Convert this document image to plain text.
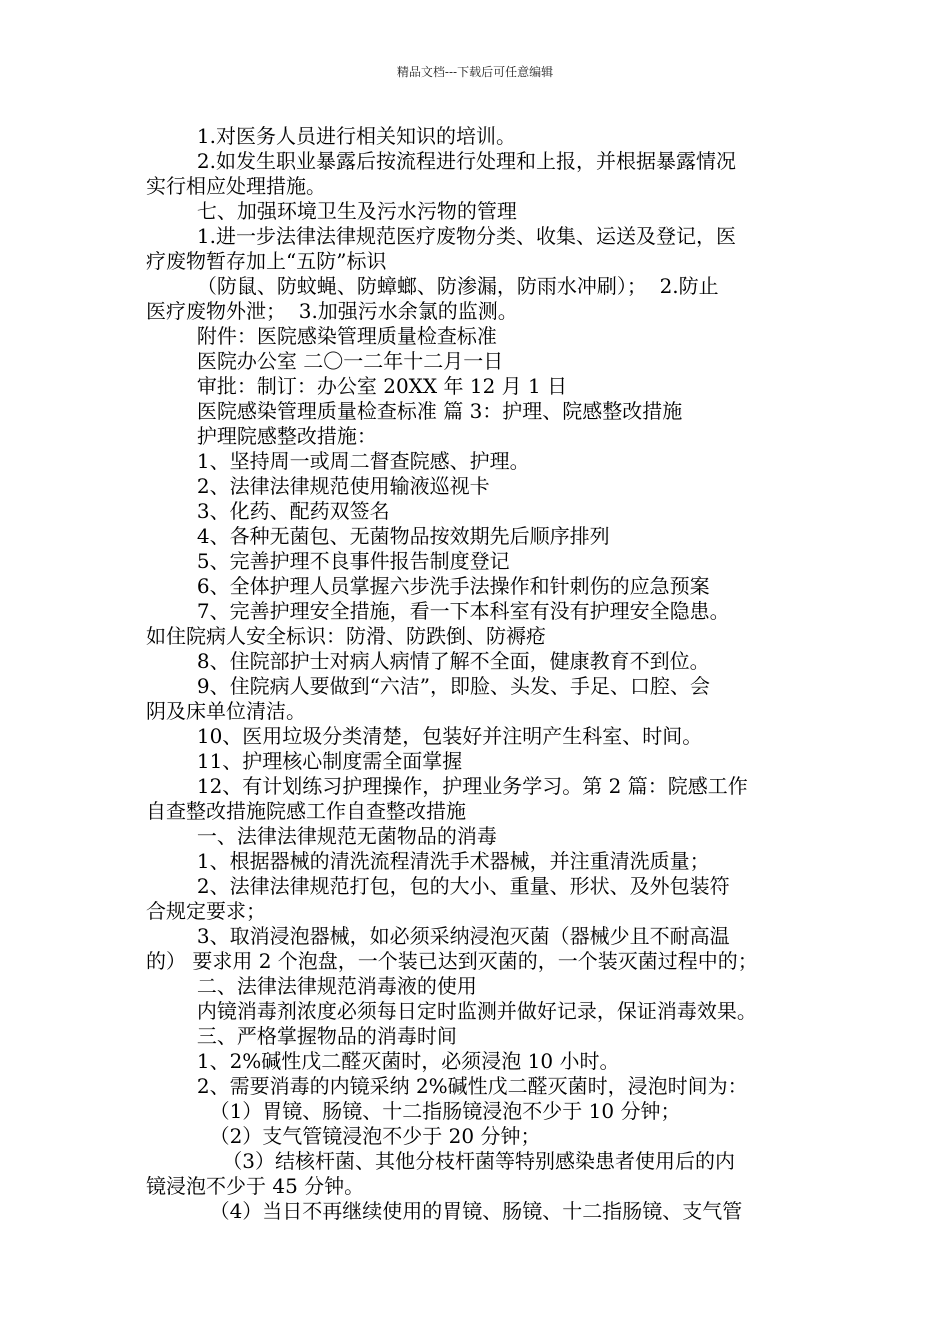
精品文档---下载后可任意编辑
1.对医务人员进行相关知识的培训。
2.如发生职业暴露后按流程进行处理和上报，并根据暴露情况
实行相应处理措施。
七、加强环境卫生及污水污物的管理
1.进一步法律法律规范医疗废物分类、收集、运送及登记，医
疗废物暂存加上“五防”标识
（防鼠、防蚊蝇、防蟑螂、防渗漏，防雨水冲刷）；  2.防止
医疗废物外泄；  3.加强污水余氯的监测。
附件：医院感染管理质量检查标准
医院办公室 二〇一二年十二月一日
审批：制订：办公室 20XX 年 12 月 1 日
医院感染管理质量检查标准 篇 3：护理、院感整改措施
护理院感整改措施：
1、坚持周一或周二督查院感、护理。
2、法律法律规范使用输液巡视卡
3、化药、配药双签名
4、各种无菌包、无菌物品按效期先后顺序排列
5、完善护理不良事件报告制度登记
6、全体护理人员掌握六步洗手法操作和针刺伤的应急预案
7、完善护理安全措施，看一下本科室有没有护理安全隐患。
如住院病人安全标识：防滑、防跌倒、防褥疮
8、住院部护士对病人病情了解不全面，健康教育不到位。
9、住院病人要做到“六洁”，即脸、头发、手足、口腔、会
阴及床单位清洁。
10、医用垃圾分类清楚，包装好并注明产生科室、时间。
11、护理核心制度需全面掌握
12、有计划练习护理操作，护理业务学习。第 2 篇：院感工作
自查整改措施院感工作自查整改措施
一、法律法律规范无菌物品的消毒
1、根据器械的清洗流程清洗手术器械，并注重清洗质量；
2、法律法律规范打包，包的大小、重量、形状、及外包装符
合规定要求；
3、取消浸泡器械，如必须采纳浸泡灭菌（器械少且不耐高温
的） 要求用 2 个泡盘，一个装已达到灭菌的，一个装灭菌过程中的；
二、法律法律规范消毒液的使用
内镜消毒剂浓度必须每日定时监测并做好记录，保证消毒效果。
三、严格掌握物品的消毒时间
1、2%碱性戊二醛灭菌时，必须浸泡 10 小时。
2、需要消毒的内镜采纳 2%碱性戊二醛灭菌时，浸泡时间为：
（1）胃镜、肠镜、十二指肠镜浸泡不少于 10 分钟；
（2）支气管镜浸泡不少于 20 分钟；
（3）结核杆菌、其他分枝杆菌等特别感染患者使用后的内
镜浸泡不少于 45 分钟。
（4）当日不再继续使用的胃镜、肠镜、十二指肠镜、支气管
